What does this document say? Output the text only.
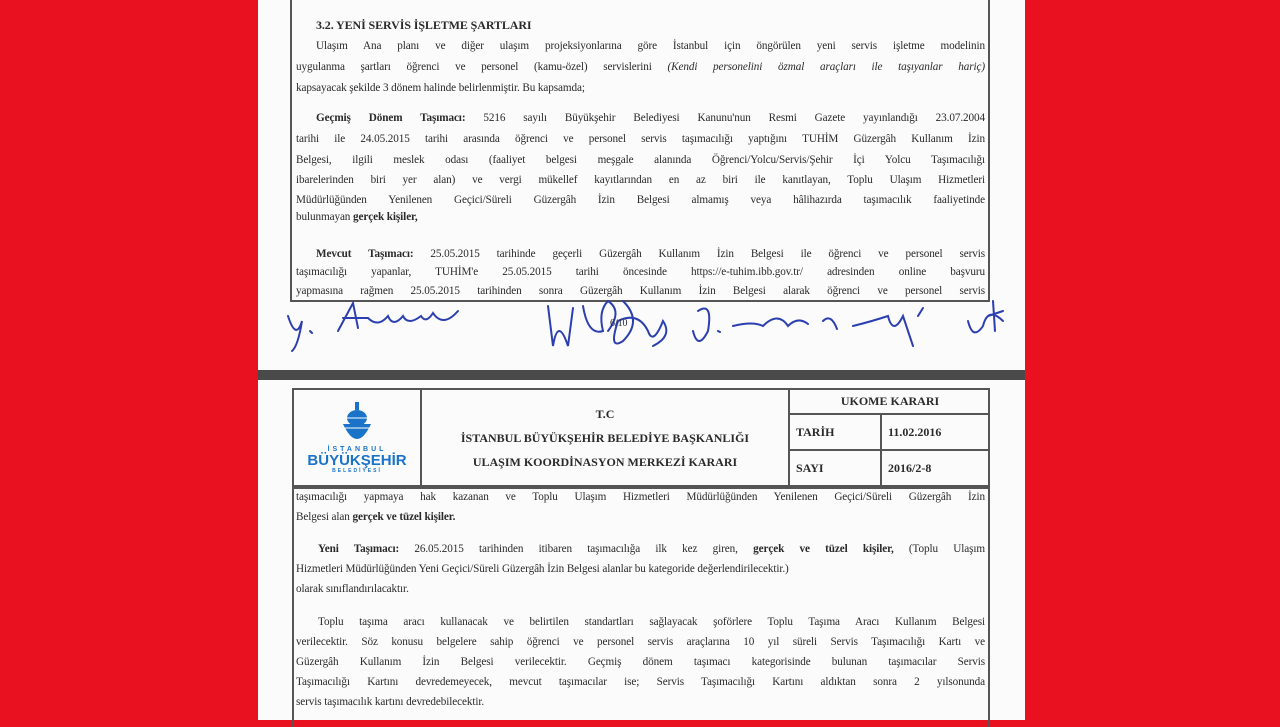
3.2. YENİ SERVİS İŞLETME ŞARTLARI
Ulaşım Ana planı ve diğer ulaşım projeksiyonlarına göre İstanbul için öngörülen yeni servis işletme modelinin
uygulanma şartları öğrenci ve personel (kamu-özel) servislerini (Kendi personelini özmal araçları ile taşıyanlar hariç)
kapsayacak şekilde 3 dönem halinde belirlenmiştir. Bu kapsamda;
Geçmiş Dönem Taşımacı: 5216 sayılı Büyükşehir Belediyesi Kanunu'nun Resmi Gazete yayınlandığı 23.07.2004
tarihi ile 24.05.2015 tarihi arasında öğrenci ve personel servis taşımacılığı yaptığını TUHİM Güzergâh Kullanım İzin
Belgesi, ilgili meslek odası (faaliyet belgesi meşgale alanında Öğrenci/Yolcu/Servis/Şehir İçi Yolcu Taşımacılığı
ibarelerinden biri yer alan) ve vergi mükellef kayıtlarından en az biri ile kanıtlayan, Toplu Ulaşım Hizmetleri
Müdürlüğünden Yenilenen Geçici/Süreli Güzergâh İzin Belgesi almamış veya hâlihazırda taşımacılık faaliyetinde
bulunmayan gerçek kişiler,
Mevcut Taşımacı: 25.05.2015 tarihinde geçerli Güzergâh Kullanım İzin Belgesi ile öğrenci ve personel servis
taşımacılığı yapanlar, TUHİM'e 25.05.2015 tarihi öncesinde https://e-tuhim.ibb.gov.tr/ adresinden online başvuru
yapmasına rağmen 25.05.2015 tarihinden sonra Güzergâh Kullanım İzin Belgesi alarak öğrenci ve personel servis
6/10
İSTANBUL
BÜYÜKŞEHİR
BELEDİYESİ
T.C
İSTANBUL BÜYÜKŞEHİR BELEDİYE BAŞKANLIĞI
ULAŞIM KOORDİNASYON MERKEZİ KARARI
UKOME KARARI
TARİH	11.02.2016
SAYI	2016/2-8
taşımacılığı yapmaya hak kazanan ve Toplu Ulaşım Hizmetleri Müdürlüğünden Yenilenen Geçici/Süreli Güzergâh İzin
Belgesi alan gerçek ve tüzel kişiler.
Yeni Taşımacı: 26.05.2015 tarihinden itibaren taşımacılığa ilk kez giren, gerçek ve tüzel kişiler, (Toplu Ulaşım
Hizmetleri Müdürlüğünden Yeni Geçici/Süreli Güzergâh İzin Belgesi alanlar bu kategoride değerlendirilecektir.)
olarak sınıflandırılacaktır.
Toplu taşıma aracı kullanacak ve belirtilen standartları sağlayacak şoförlere Toplu Taşıma Aracı Kullanım Belgesi
verilecektir. Söz konusu belgelere sahip öğrenci ve personel servis araçlarına 10 yıl süreli Servis Taşımacılığı Kartı ve
Güzergâh Kullanım İzin Belgesi verilecektir. Geçmiş dönem taşımacı kategorisinde bulunan taşımacılar Servis
Taşımacılığı Kartını devredemeyecek, mevcut taşımacılar ise; Servis Taşımacılığı Kartını aldıktan sonra 2 yılsonunda
servis taşımacılık kartını devredebilecektir.
